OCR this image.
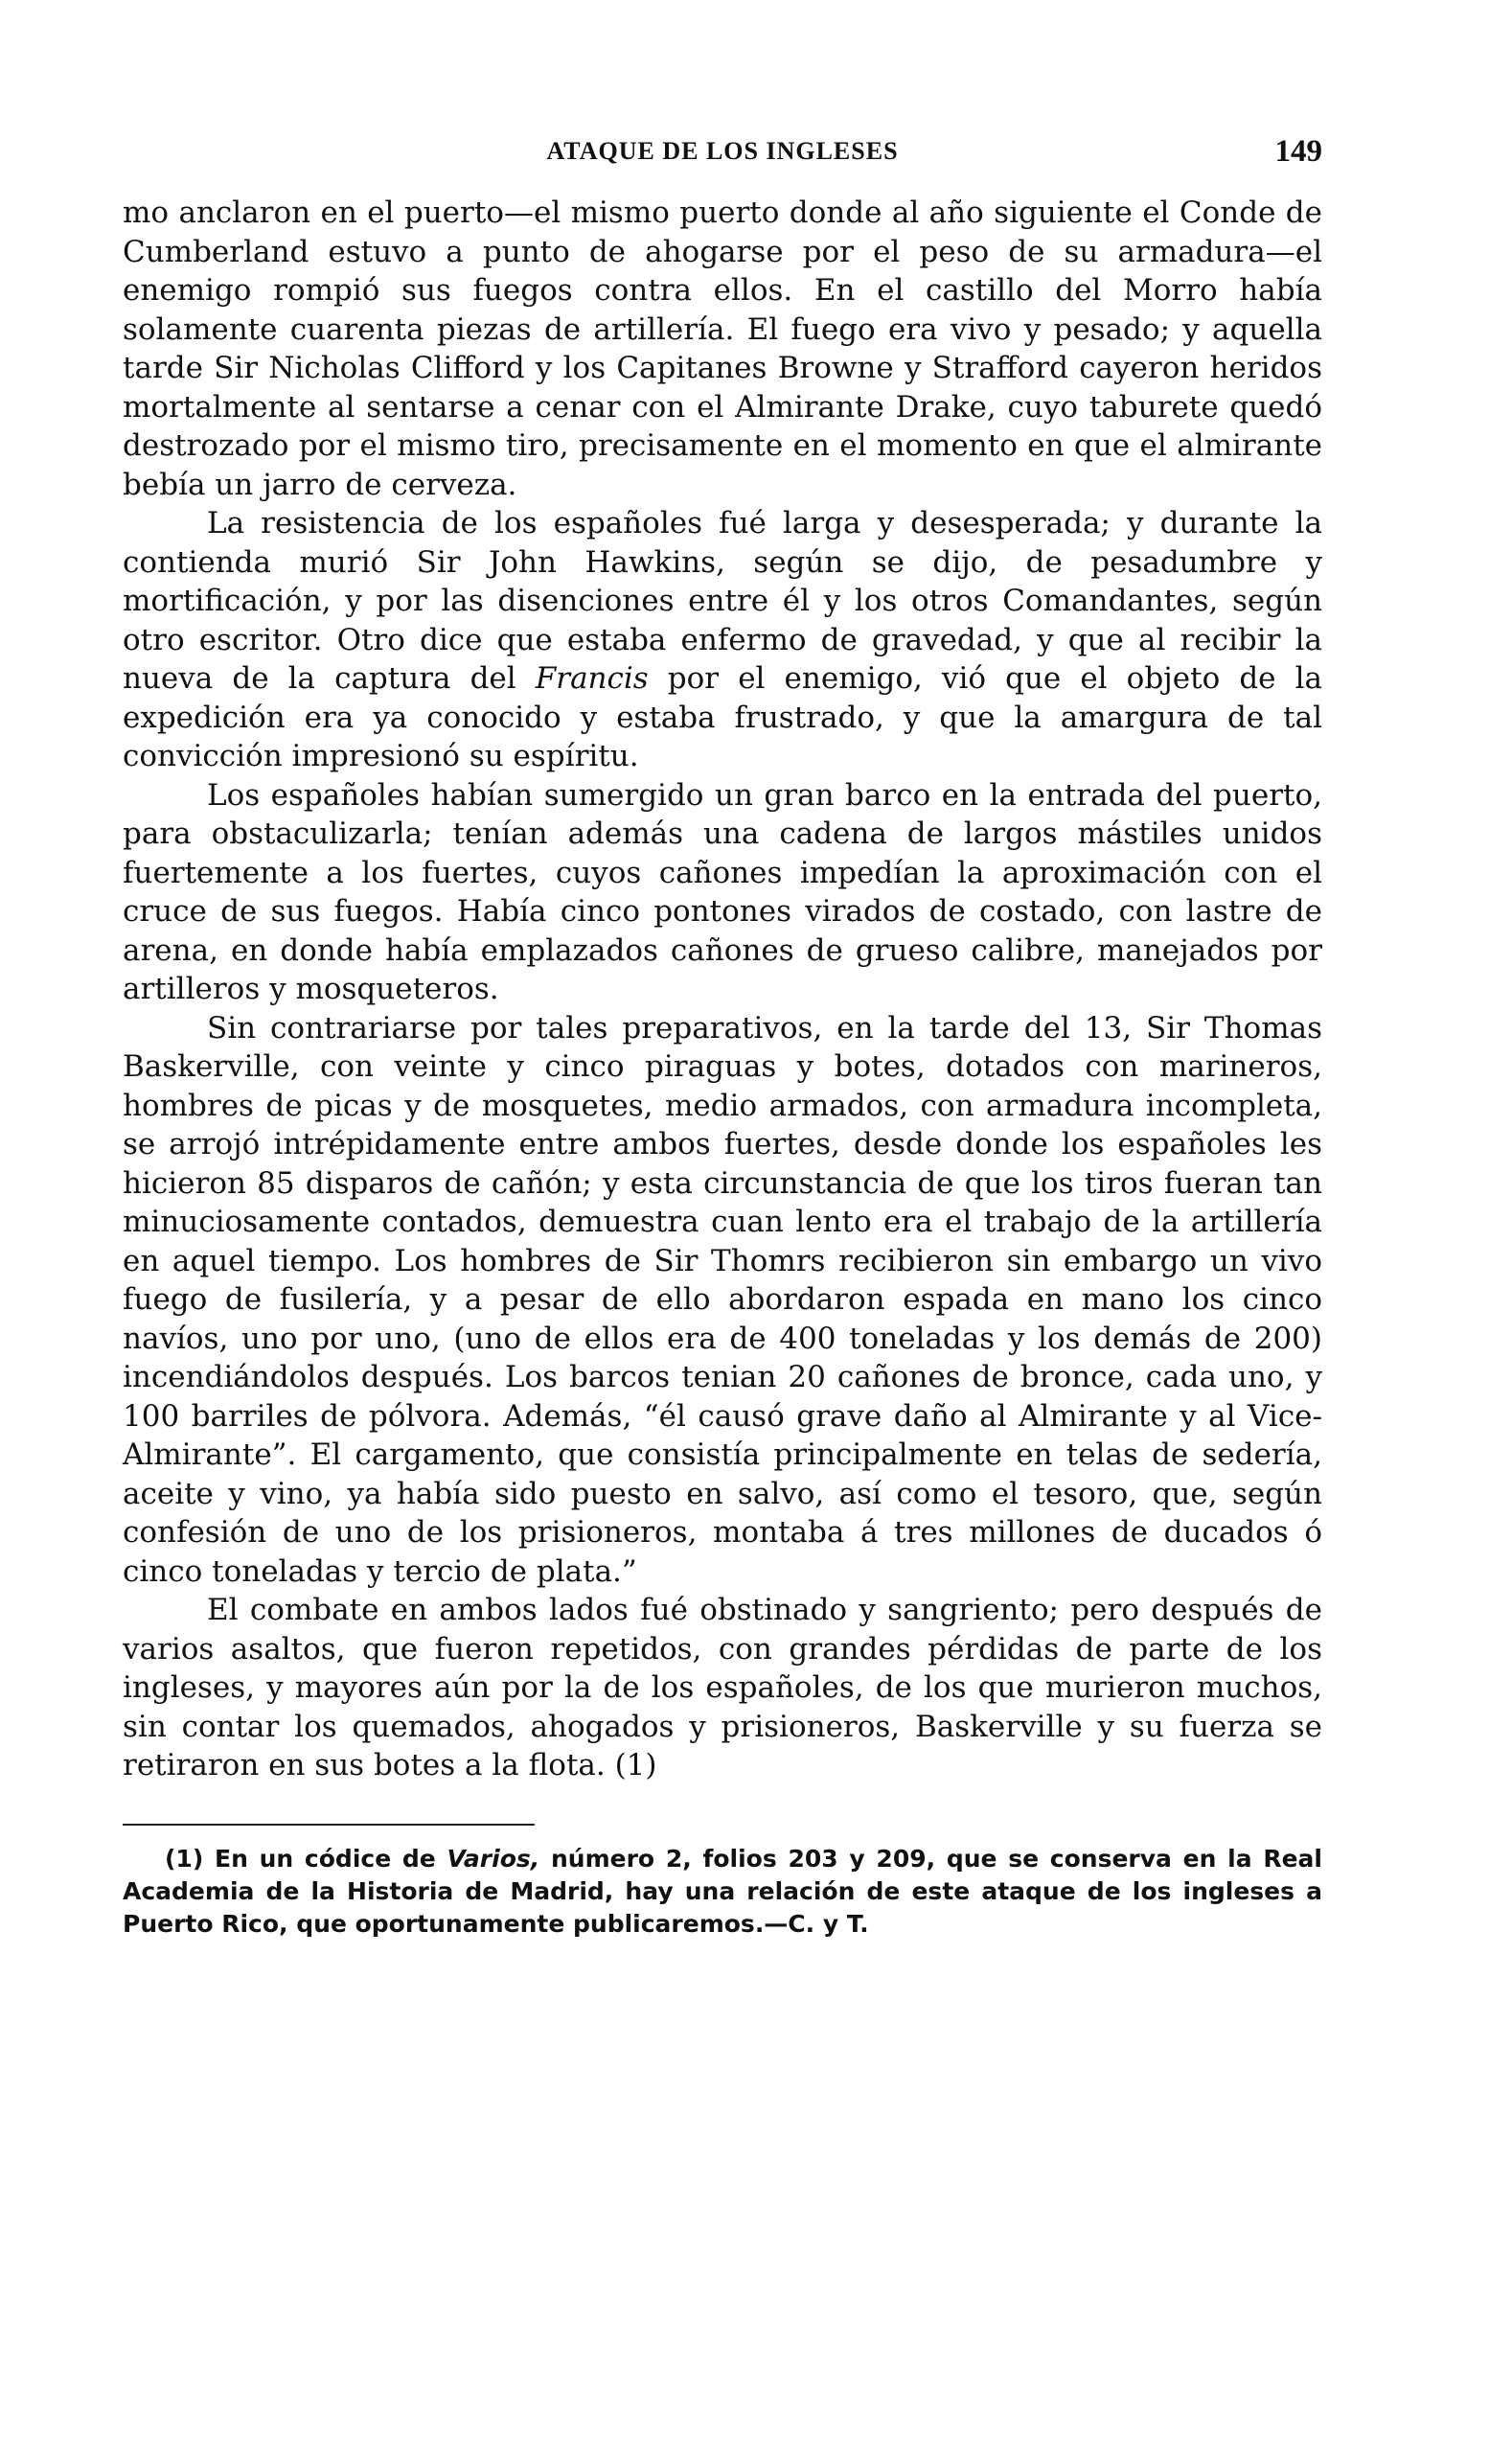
ATAQUE DE LOS INGLESES	149

mo anclaron en el puerto—el mismo puerto donde al año siguiente el Conde de Cumberland estuvo a punto de ahogarse por el peso de su armadura—el enemigo rompió sus fuegos contra ellos. En el castillo del Morro había solamente cuarenta piezas de artillería. El fuego era vivo y pesado; y aquella tarde Sir Nicholas Clifford y los Capitanes Browne y Strafford cayeron heridos mortalmente al sentarse a cenar con el Almirante Drake, cuyo taburete quedó destrozado por el mismo tiro, precisamente en el momento en que el almirante bebía un jarro de cerveza.

La resistencia de los españoles fué larga y desesperada; y durante la contienda murió Sir John Hawkins, según se dijo, de pesadumbre y mortificación, y por las disenciones entre él y los otros Comandantes, según otro escritor. Otro dice que estaba enfermo de gravedad, y que al recibir la nueva de la captura del Francis por el enemigo, vió que el objeto de la expedición era ya conocido y estaba frustrado, y que la amargura de tal convicción impresionó su espíritu.

Los españoles habían sumergido un gran barco en la entrada del puerto, para obstaculizarla; tenían además una cadena de largos mástiles unidos fuertemente a los fuertes, cuyos cañones impedían la aproximación con el cruce de sus fuegos. Había cinco pontones virados de costado, con lastre de arena, en donde había emplazados cañones de grueso calibre, manejados por artilleros y mosqueteros.

Sin contrariarse por tales preparativos, en la tarde del 13, Sir Thomas Baskerville, con veinte y cinco piraguas y botes, dotados con marineros, hombres de picas y de mosquetes, medio armados, con armadura incompleta, se arrojó intrépidamente entre ambos fuertes, desde donde los españoles les hicieron 85 disparos de cañón; y esta circunstancia de que los tiros fueran tan minuciosamente contados, demuestra cuan lento era el trabajo de la artillería en aquel tiempo. Los hombres de Sir Thomrs recibieron sin embargo un vivo fuego de fusilería, y a pesar de ello abordaron espada en mano los cinco navíos, uno por uno, (uno de ellos era de 400 toneladas y los demás de 200) incendiándolos después. Los barcos tenian 20 cañones de bronce, cada uno, y 100 barriles de pólvora. Además, “él causó grave daño al Almirante y al Vice-Almirante”. El cargamento, que consistía principalmente en telas de sedería, aceite y vino, ya había sido puesto en salvo, así como el tesoro, que, según confesión de uno de los prisioneros, montaba á tres millones de ducados ó cinco toneladas y tercio de plata.”

El combate en ambos lados fué obstinado y sangriento; pero después de varios asaltos, que fueron repetidos, con grandes pérdidas de parte de los ingleses, y mayores aún por la de los españoles, de los que murieron muchos, sin contar los quemados, ahogados y prisioneros, Baskerville y su fuerza se retiraron en sus botes a la flota. (1)

(1) En un códice de Varios, número 2, folios 203 y 209, que se conserva en la Real Academia de la Historia de Madrid, hay una relación de este ataque de los ingleses a Puerto Rico, que oportunamente publicaremos.—C. y T.
